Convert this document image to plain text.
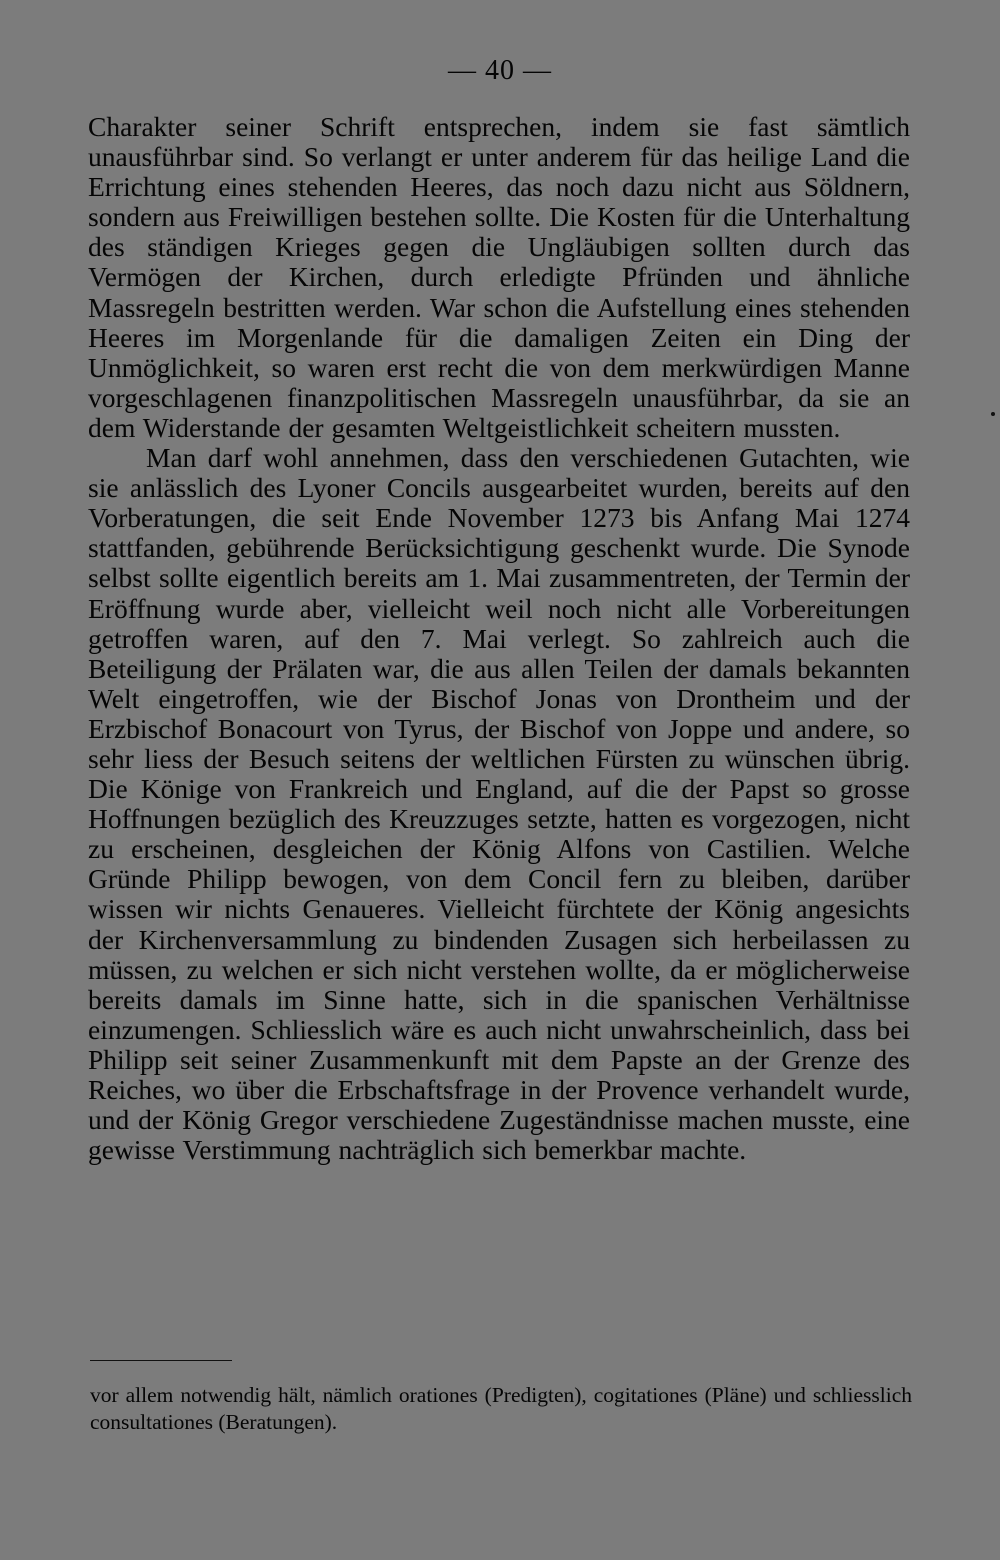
— 40 —

Charakter seiner Schrift entsprechen, indem sie fast sämtlich unausführbar sind. So verlangt er unter anderem für das heilige Land die Errichtung eines stehenden Heeres, das noch dazu nicht aus Söldnern, sondern aus Freiwilligen bestehen sollte. Die Kosten für die Unterhaltung des ständigen Krieges gegen die Ungläubigen sollten durch das Vermögen der Kirchen, durch erledigte Pfründen und ähnliche Massregeln bestritten werden. War schon die Aufstellung eines stehenden Heeres im Morgenlande für die damaligen Zeiten ein Ding der Unmöglichkeit, so waren erst recht die von dem merkwürdigen Manne vorgeschlagenen finanzpolitischen Massregeln unausführbar, da sie an dem Widerstande der gesamten Weltgeistlichkeit scheitern mussten.

Man darf wohl annehmen, dass den verschiedenen Gutachten, wie sie anlässlich des Lyoner Concils ausgearbeitet wurden, bereits auf den Vorberatungen, die seit Ende November 1273 bis Anfang Mai 1274 stattfanden, gebührende Berücksichtigung geschenkt wurde. Die Synode selbst sollte eigentlich bereits am 1. Mai zusammentreten, der Termin der Eröffnung wurde aber, vielleicht weil noch nicht alle Vorbereitungen getroffen waren, auf den 7. Mai verlegt. So zahlreich auch die Beteiligung der Prälaten war, die aus allen Teilen der damals bekannten Welt eingetroffen, wie der Bischof Jonas von Drontheim und der Erzbischof Bonacourt von Tyrus, der Bischof von Joppe und andere, so sehr liess der Besuch seitens der weltlichen Fürsten zu wünschen übrig. Die Könige von Frankreich und England, auf die der Papst so grosse Hoffnungen bezüglich des Kreuzzuges setzte, hatten es vorgezogen, nicht zu erscheinen, desgleichen der König Alfons von Castilien. Welche Gründe Philipp bewogen, von dem Concil fern zu bleiben, darüber wissen wir nichts Genaueres. Vielleicht fürchtete der König angesichts der Kirchenversammlung zu bindenden Zusagen sich herbeilassen zu müssen, zu welchen er sich nicht verstehen wollte, da er möglicherweise bereits damals im Sinne hatte, sich in die spanischen Verhältnisse einzumengen. Schliesslich wäre es auch nicht unwahrscheinlich, dass bei Philipp seit seiner Zusammenkunft mit dem Papste an der Grenze des Reiches, wo über die Erbschaftsfrage in der Provence verhandelt wurde, und der König Gregor verschiedene Zugeständnisse machen musste, eine gewisse Verstimmung nachträglich sich bemerkbar machte.

vor allem notwendig hält, nämlich orationes (Predigten), cogitationes (Pläne) und schliesslich consultationes (Beratungen).
